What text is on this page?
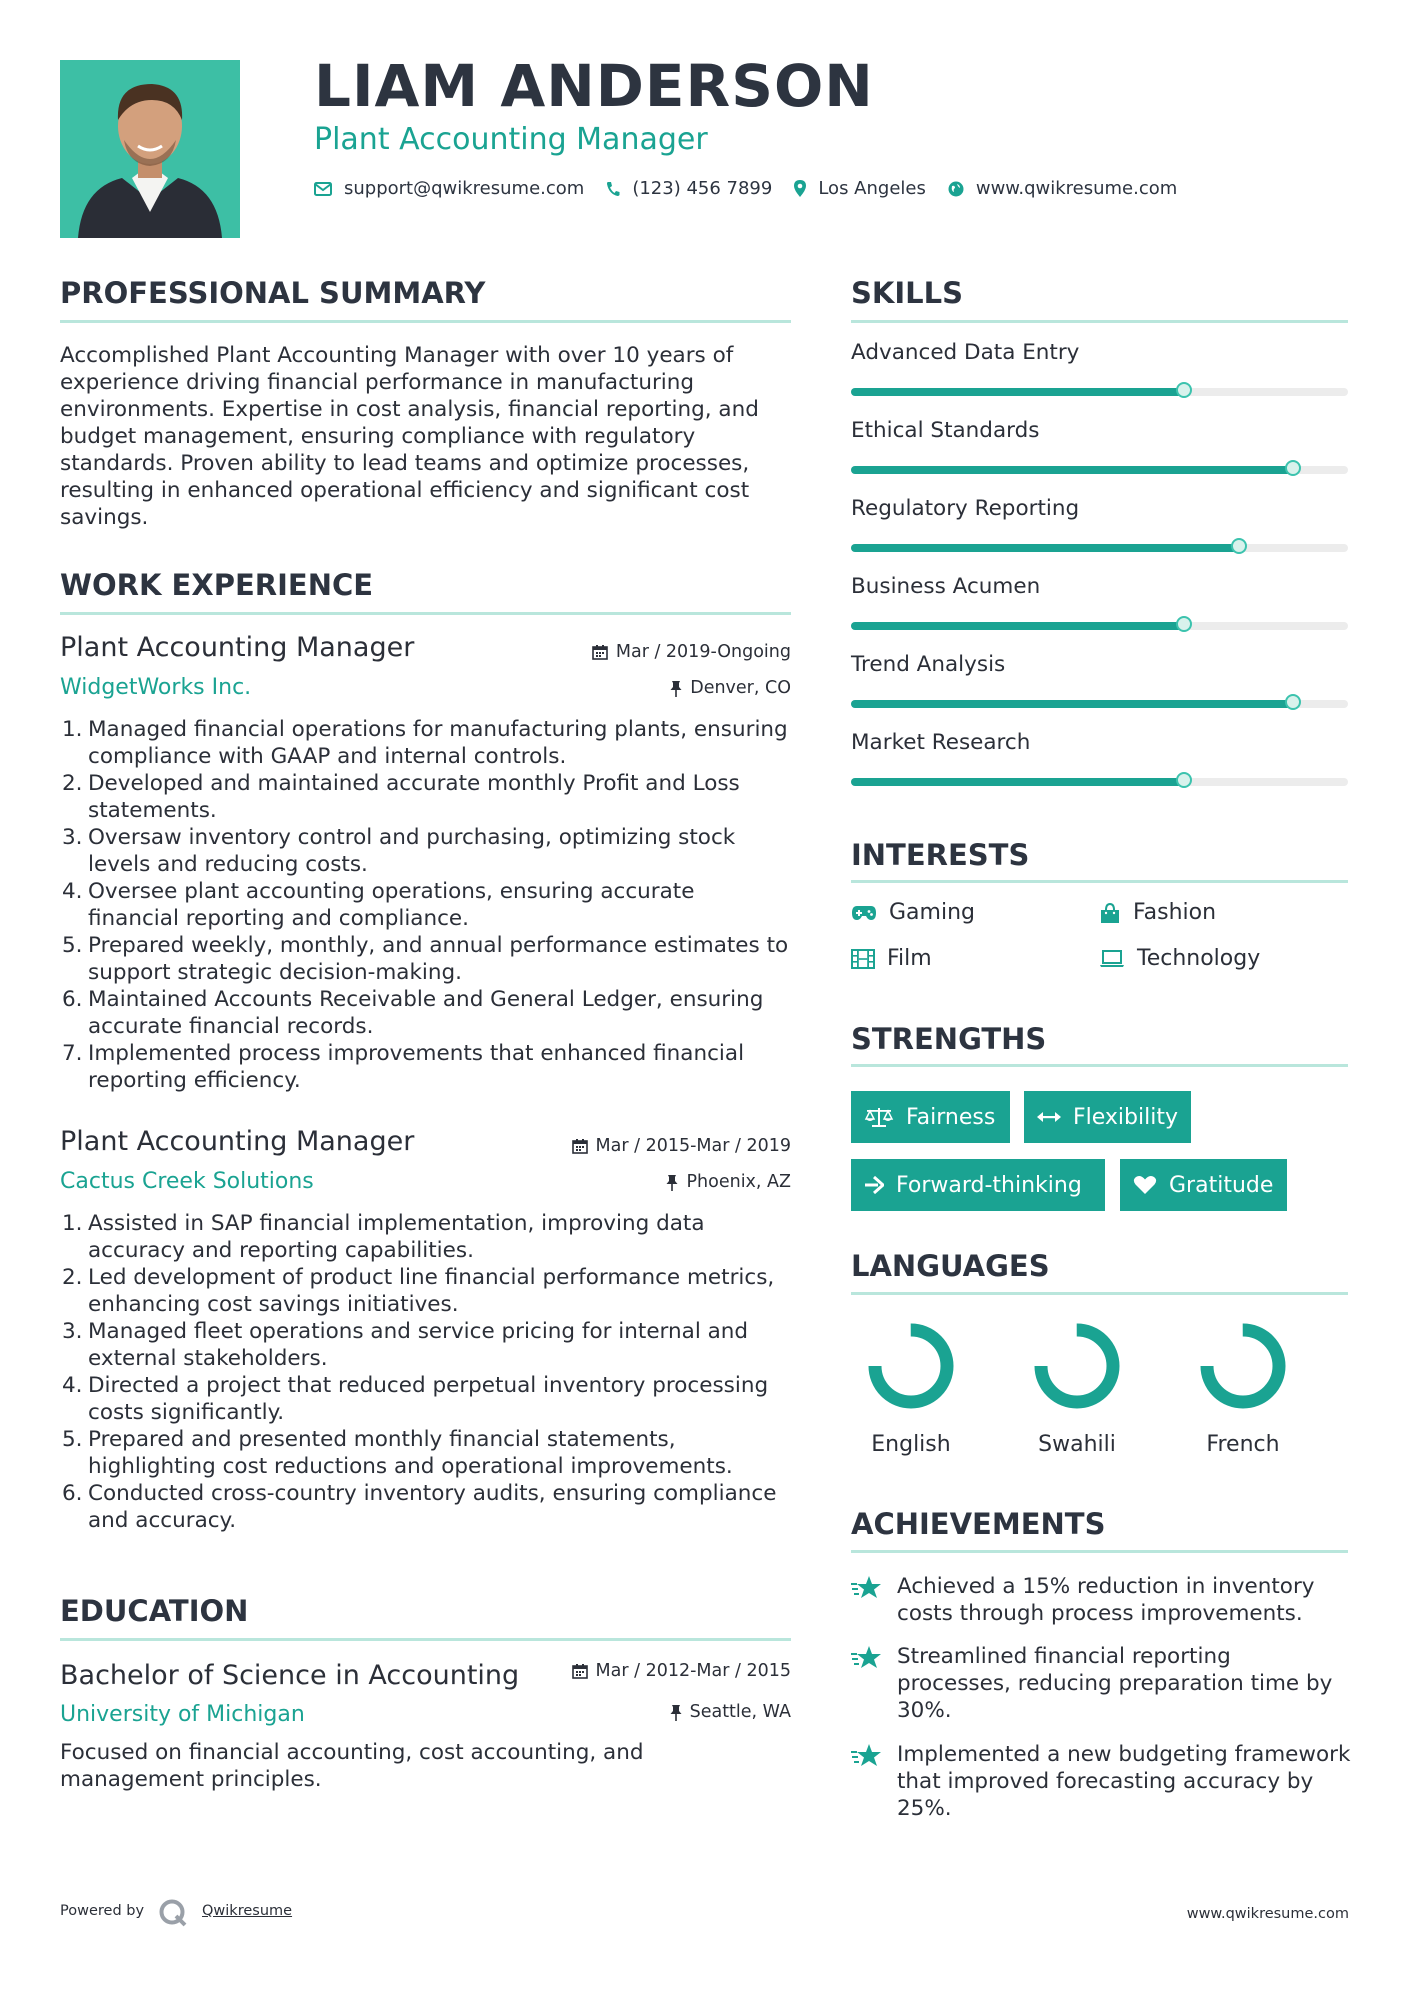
LIAM ANDERSON
Plant Accounting Manager
support@qwikresume.com	(123) 456 7899	Los Angeles	www.qwikresume.com
PROFESSIONAL SUMMARY
Accomplished Plant Accounting Manager with over 10 years of experience driving financial performance in manufacturing environments. Expertise in cost analysis, financial reporting, and budget management, ensuring compliance with regulatory standards. Proven ability to lead teams and optimize processes, resulting in enhanced operational efficiency and significant cost savings.
WORK EXPERIENCE
Plant Accounting Manager	Mar / 2019-Ongoing
WidgetWorks Inc.	Denver, CO
1. Managed financial operations for manufacturing plants, ensuring compliance with GAAP and internal controls.
2. Developed and maintained accurate monthly Profit and Loss statements.
3. Oversaw inventory control and purchasing, optimizing stock levels and reducing costs.
4. Oversee plant accounting operations, ensuring accurate financial reporting and compliance.
5. Prepared weekly, monthly, and annual performance estimates to support strategic decision-making.
6. Maintained Accounts Receivable and General Ledger, ensuring accurate financial records.
7. Implemented process improvements that enhanced financial reporting efficiency.
Plant Accounting Manager	Mar / 2015-Mar / 2019
Cactus Creek Solutions	Phoenix, AZ
1. Assisted in SAP financial implementation, improving data accuracy and reporting capabilities.
2. Led development of product line financial performance metrics, enhancing cost savings initiatives.
3. Managed fleet operations and service pricing for internal and external stakeholders.
4. Directed a project that reduced perpetual inventory processing costs significantly.
5. Prepared and presented monthly financial statements, highlighting cost reductions and operational improvements.
6. Conducted cross-country inventory audits, ensuring compliance and accuracy.
EDUCATION
Bachelor of Science in Accounting	Mar / 2012-Mar / 2015
University of Michigan	Seattle, WA
Focused on financial accounting, cost accounting, and management principles.
SKILLS
Advanced Data Entry
Ethical Standards
Regulatory Reporting
Business Acumen
Trend Analysis
Market Research
INTERESTS
Gaming	Fashion
Film	Technology
STRENGTHS
Fairness	Flexibility
Forward-thinking	Gratitude
LANGUAGES
English	Swahili	French
ACHIEVEMENTS
Achieved a 15% reduction in inventory costs through process improvements.
Streamlined financial reporting processes, reducing preparation time by 30%.
Implemented a new budgeting framework that improved forecasting accuracy by 25%.
Powered by	Qwikresume	www.qwikresume.com
